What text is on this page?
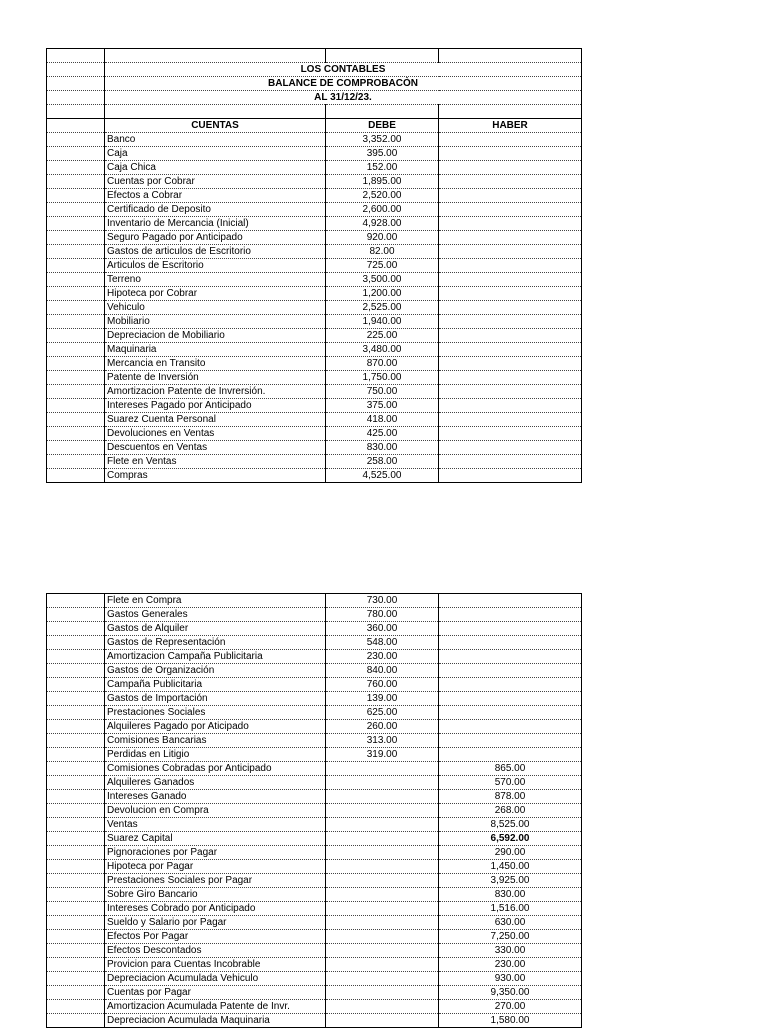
	LOS CONTABLES		
	BALANCE DE COMPROBACÒN		
	AL 31/12/23.		

	CUENTAS	DEBE	HABER
	Banco	3,352.00	
	Caja	395.00	
	Caja Chica	152.00	
	Cuentas por Cobrar	1,895.00	
	Efectos a Cobrar	2,520.00	
	Certificado de Deposito	2,600.00	
	Inventario de Mercancia (Inicial)	4,928.00	
	Seguro Pagado por Anticipado	920.00	
	Gastos de articulos de Escritorio	82.00	
	Articulos de Escritorio	725.00	
	Terreno	3,500.00	
	Hipoteca por Cobrar	1,200.00	
	Vehiculo	2,525.00	
	Mobiliario	1,940.00	
	Depreciacion de Mobiliario	225.00	
	Maquinaria	3,480.00	
	Mercancia en Transito	870.00	
	Patente de Inversión	1,750.00	
	Amortizacion Patente de Invrersión.	750.00	
	Intereses Pagado por Anticipado	375.00	
	Suarez Cuenta Personal	418.00	
	Devoluciones en Ventas	425.00	
	Descuentos en Ventas	830.00	
	Flete en Ventas	258.00	
	Compras	4,525.00	
	Flete en Compra	730.00	
	Gastos Generales	780.00	
	Gastos de Alquiler	360.00	
	Gastos de Representación	548.00	
	Amortizacion Campaña Publicitaria	230.00	
	Gastos de Organización	840.00	
	Campaña Publicitaria	760.00	
	Gastos de Importación	139.00	
	Prestaciones Sociales	625.00	
	Alquileres Pagado por Aticipado	260.00	
	Comisiones Bancarias	313.00	
	Perdidas en Litigio	319.00	
	Comisiones Cobradas por Anticipado		865.00
	Alquileres Ganados		570.00
	Intereses Ganado		878.00
	Devolucion en Compra		268.00
	Ventas		8,525.00
	Suarez Capital		6,592.00
	Pignoraciones por Pagar		290.00
	Hipoteca por Pagar		1,450.00
	Prestaciones Sociales por Pagar		3,925.00
	Sobre Giro Bancario		830.00
	Intereses Cobrado por Anticipado		1,516.00
	Sueldo y Salario por Pagar		630.00
	Efectos Por Pagar		7,250.00
	Efectos Descontados		330.00
	Provicion para Cuentas Incobrable		230.00
	Depreciacion Acumulada Vehiculo		930.00
	Cuentas por Pagar		9,350.00
	Amortizacion Acumulada Patente de Invr.		270.00
	Depreciacion Acumulada Maquinaria		1,580.00
